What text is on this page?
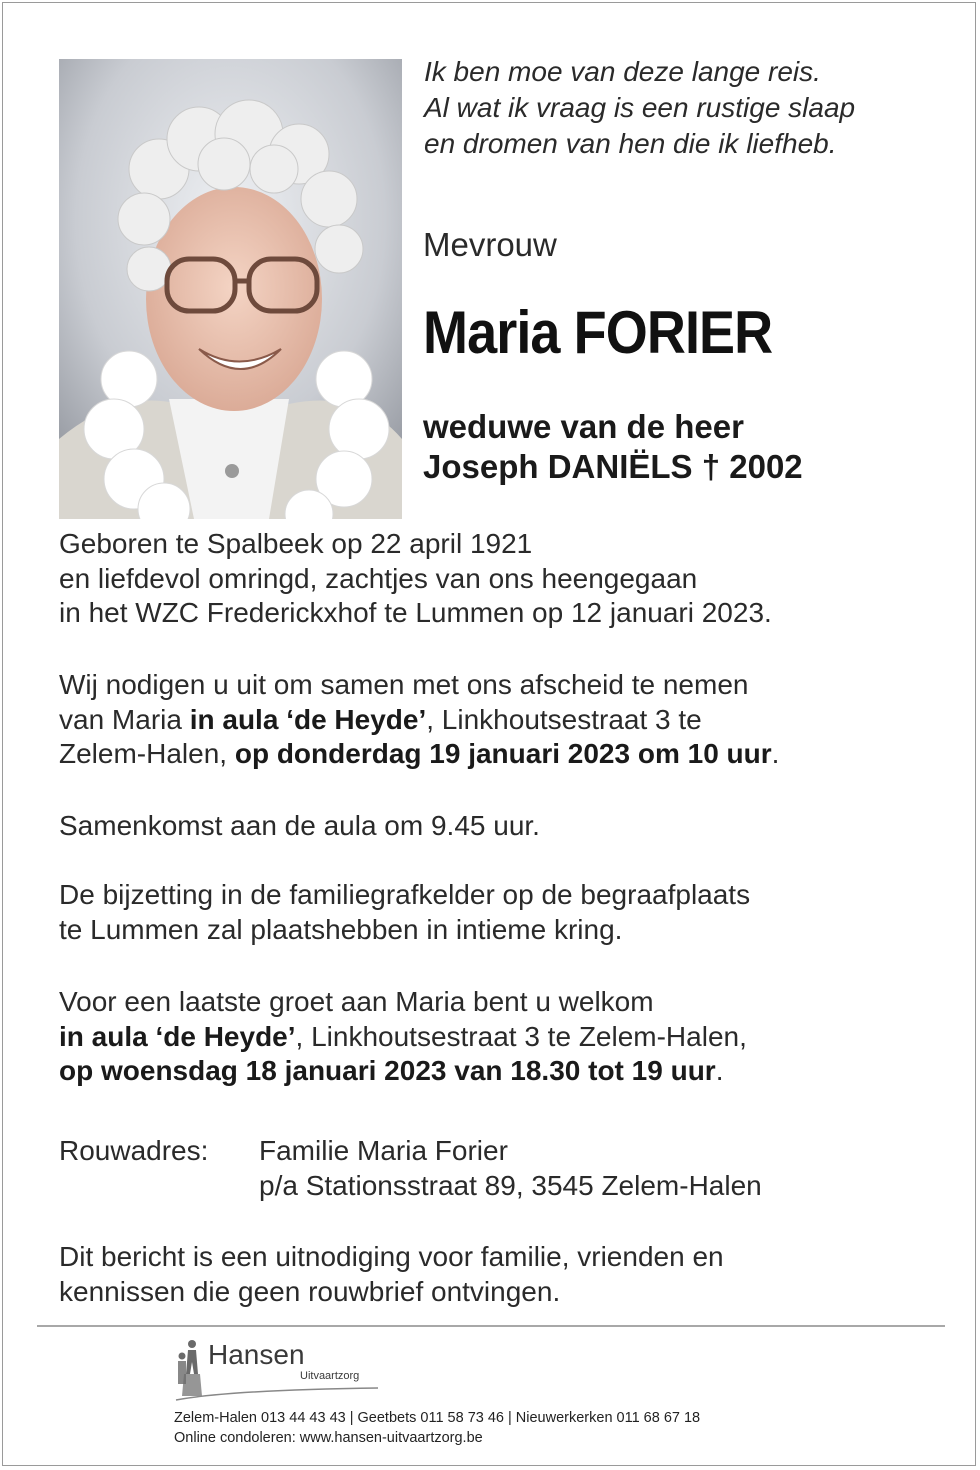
Ik ben moe van deze lange reis.
Al wat ik vraag is een rustige slaap
en dromen van hen die ik liefheb.
Mevrouw
Maria FORIER
weduwe van de heer
Joseph DANIËLS † 2002
Geboren te Spalbeek op 22 april 1921
en liefdevol omringd, zachtjes van ons heengegaan
in het WZC Frederickxhof te Lummen op 12 januari 2023.
Wij nodigen u uit om samen met ons afscheid te nemen
van Maria in aula ‘de Heyde’, Linkhoutsestraat 3 te
Zelem-Halen, op donderdag 19 januari 2023 om 10 uur.
Samenkomst aan de aula om 9.45 uur.
De bijzetting in de familiegrafkelder op de begraafplaats
te Lummen zal plaatshebben in intieme kring.
Voor een laatste groet aan Maria bent u welkom
in aula ‘de Heyde’, Linkhoutsestraat 3 te Zelem-Halen,
op woensdag 18 januari 2023 van 18.30 tot 19 uur.
Rouwadres: Familie Maria Forier
p/a Stationsstraat 89, 3545 Zelem-Halen
Dit bericht is een uitnodiging voor familie, vrienden en
kennissen die geen rouwbrief ontvingen.
Hansen
Uitvaartzorg
Zelem-Halen 013 44 43 43 | Geetbets 011 58 73 46 | Nieuwerkerken 011 68 67 18
Online condoleren: www.hansen-uitvaartzorg.be
